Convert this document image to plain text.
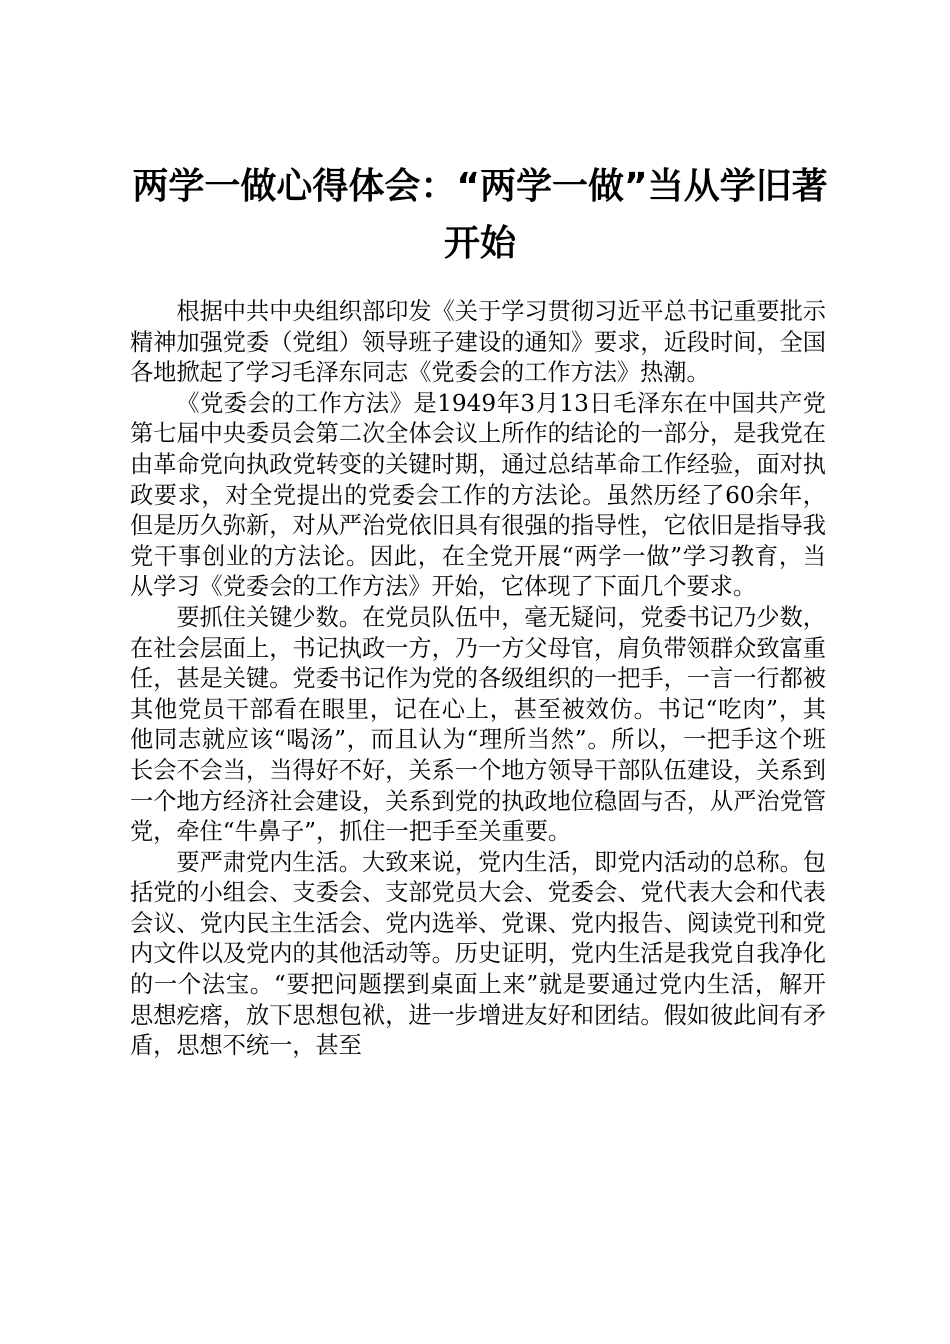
两学一做心得体会：“两学一做”当从学旧著开始

根据中共中央组织部印发《关于学习贯彻习近平总书记重要批示精神加强党委（党组）领导班子建设的通知》要求，近段时间，全国各地掀起了学习毛泽东同志《党委会的工作方法》热潮。

《党委会的工作方法》是1949年3月13日毛泽东在中国共产党第七届中央委员会第二次全体会议上所作的结论的一部分，是我党在由革命党向执政党转变的关键时期，通过总结革命工作经验，面对执政要求，对全党提出的党委会工作的方法论。虽然历经了60余年，但是历久弥新，对从严治党依旧具有很强的指导性，它依旧是指导我党干事创业的方法论。因此，在全党开展“两学一做”学习教育，当从学习《党委会的工作方法》开始，它体现了下面几个要求。

要抓住关键少数。在党员队伍中，毫无疑问，党委书记乃少数，在社会层面上，书记执政一方，乃一方父母官，肩负带领群众致富重任，甚是关键。党委书记作为党的各级组织的一把手，一言一行都被其他党员干部看在眼里，记在心上，甚至被效仿。书记“吃肉”，其他同志就应该“喝汤”，而且认为“理所当然”。所以，一把手这个班长会不会当，当得好不好，关系一个地方领导干部队伍建设，关系到一个地方经济社会建设，关系到党的执政地位稳固与否，从严治党管党，牵住“牛鼻子”，抓住一把手至关重要。

要严肃党内生活。大致来说，党内生活，即党内活动的总称。包括党的小组会、支委会、支部党员大会、党委会、党代表大会和代表会议、党内民主生活会、党内选举、党课、党内报告、阅读党刊和党内文件以及党内的其他活动等。历史证明，党内生活是我党自我净化的一个法宝。“要把问题摆到桌面上来”就是要通过党内生活，解开思想疙瘩，放下思想包袱，进一步增进友好和团结。假如彼此间有矛盾，思想不统一，甚至
